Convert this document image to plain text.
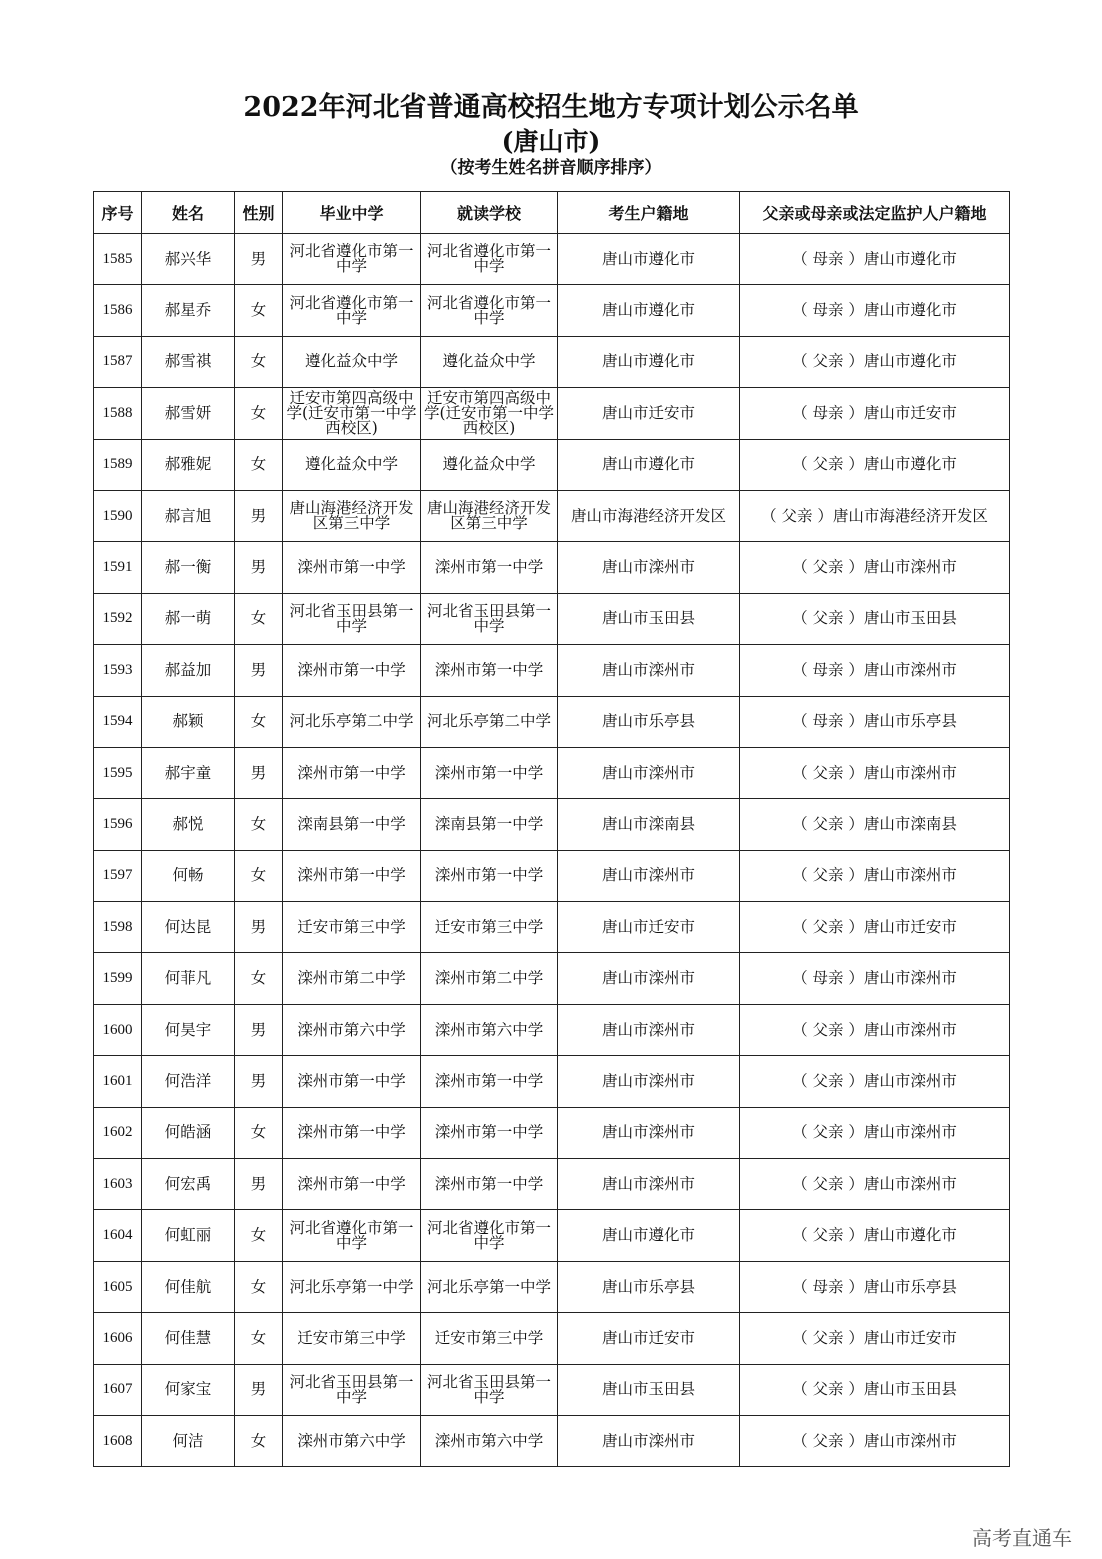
2022年河北省普通高校招生地方专项计划公示名单
(唐山市)
（按考生姓名拼音顺序排序）
序号	姓名	性别	毕业中学	就读学校	考生户籍地	父亲或母亲或法定监护人户籍地
1585	郝兴华	男	河北省遵化市第一中学	河北省遵化市第一中学	唐山市遵化市	（ 母亲 ）唐山市遵化市
1586	郝星乔	女	河北省遵化市第一中学	河北省遵化市第一中学	唐山市遵化市	（ 母亲 ）唐山市遵化市
1587	郝雪祺	女	遵化益众中学	遵化益众中学	唐山市遵化市	（ 父亲 ）唐山市遵化市
1588	郝雪妍	女	迁安市第四高级中学(迁安市第一中学西校区)	迁安市第四高级中学(迁安市第一中学西校区)	唐山市迁安市	（ 母亲 ）唐山市迁安市
1589	郝雅妮	女	遵化益众中学	遵化益众中学	唐山市遵化市	（ 父亲 ）唐山市遵化市
1590	郝言旭	男	唐山海港经济开发区第三中学	唐山海港经济开发区第三中学	唐山市海港经济开发区	（ 父亲 ）唐山市海港经济开发区
1591	郝一衡	男	滦州市第一中学	滦州市第一中学	唐山市滦州市	（ 父亲 ）唐山市滦州市
1592	郝一萌	女	河北省玉田县第一中学	河北省玉田县第一中学	唐山市玉田县	（ 父亲 ）唐山市玉田县
1593	郝益加	男	滦州市第一中学	滦州市第一中学	唐山市滦州市	（ 母亲 ）唐山市滦州市
1594	郝颖	女	河北乐亭第二中学	河北乐亭第二中学	唐山市乐亭县	（ 母亲 ）唐山市乐亭县
1595	郝宇童	男	滦州市第一中学	滦州市第一中学	唐山市滦州市	（ 父亲 ）唐山市滦州市
1596	郝悦	女	滦南县第一中学	滦南县第一中学	唐山市滦南县	（ 父亲 ）唐山市滦南县
1597	何畅	女	滦州市第一中学	滦州市第一中学	唐山市滦州市	（ 父亲 ）唐山市滦州市
1598	何达昆	男	迁安市第三中学	迁安市第三中学	唐山市迁安市	（ 父亲 ）唐山市迁安市
1599	何菲凡	女	滦州市第二中学	滦州市第二中学	唐山市滦州市	（ 母亲 ）唐山市滦州市
1600	何昊宇	男	滦州市第六中学	滦州市第六中学	唐山市滦州市	（ 父亲 ）唐山市滦州市
1601	何浩洋	男	滦州市第一中学	滦州市第一中学	唐山市滦州市	（ 父亲 ）唐山市滦州市
1602	何皓涵	女	滦州市第一中学	滦州市第一中学	唐山市滦州市	（ 父亲 ）唐山市滦州市
1603	何宏禹	男	滦州市第一中学	滦州市第一中学	唐山市滦州市	（ 父亲 ）唐山市滦州市
1604	何虹丽	女	河北省遵化市第一中学	河北省遵化市第一中学	唐山市遵化市	（ 父亲 ）唐山市遵化市
1605	何佳航	女	河北乐亭第一中学	河北乐亭第一中学	唐山市乐亭县	（ 母亲 ）唐山市乐亭县
1606	何佳慧	女	迁安市第三中学	迁安市第三中学	唐山市迁安市	（ 父亲 ）唐山市迁安市
1607	何家宝	男	河北省玉田县第一中学	河北省玉田县第一中学	唐山市玉田县	（ 父亲 ）唐山市玉田县
1608	何洁	女	滦州市第六中学	滦州市第六中学	唐山市滦州市	（ 父亲 ）唐山市滦州市
高考直通车
